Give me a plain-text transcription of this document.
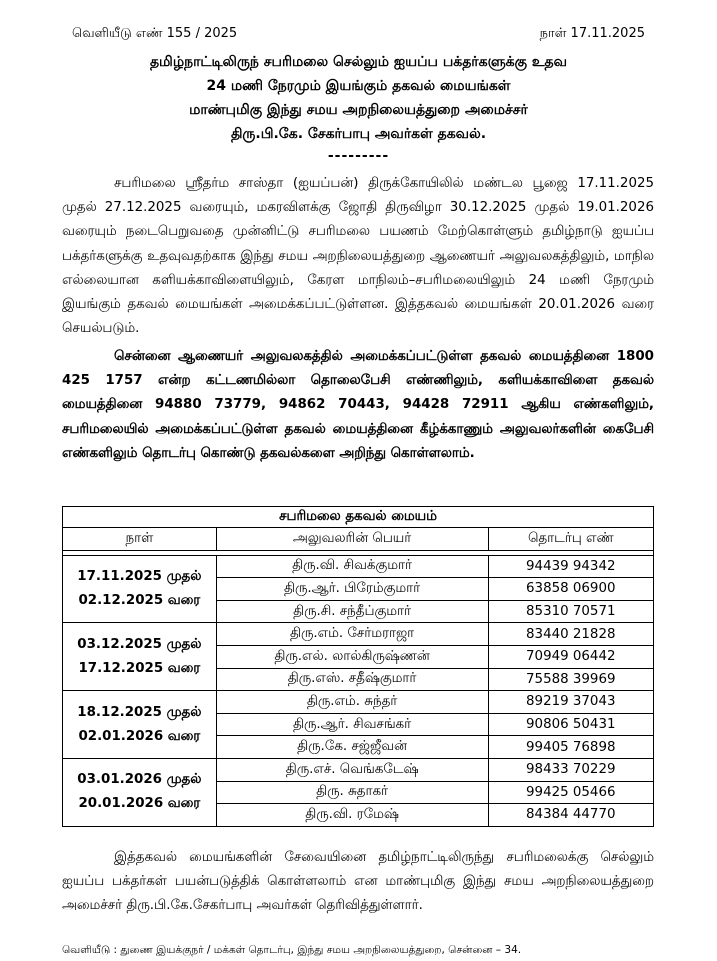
வெளியீடு எண் 155 / 2025	நாள் 17.11.2025
தமிழ்நாட்டிலிருந் சபரிமலை செல்லும் ஐயப்ப பக்தர்களுக்கு உதவ
24 மணி நேரமும் இயங்கும் தகவல் மையங்கள்
மாண்புமிகு இந்து சமய அறநிலையத்துறை அமைச்சர்
திரு.பி.கே. சேகர்பாபு அவர்கள் தகவல்.
---------
சபரிமலை ஸ்ரீதர்ம சாஸ்தா (ஐயப்பன்) திருக்கோயிலில் மண்டல பூஜை 17.11.2025 முதல் 27.12.2025 வரையும், மகரவிளக்கு ஜோதி திருவிழா 30.12.2025 முதல் 19.01.2026 வரையும் நடைபெறுவதை முன்னிட்டு சபரிமலை பயணம் மேற்கொள்ளும் தமிழ்நாடு ஐயப்ப பக்தர்களுக்கு உதவுவதற்காக இந்து சமய அறநிலையத்துறை ஆணையர் அலுவலகத்திலும், மாநில எல்லையான களியக்காவிளையிலும், கேரள மாநிலம்–சபரிமலையிலும் 24 மணி நேரமும் இயங்கும் தகவல் மையங்கள் அமைக்கப்பட்டுள்ளன. இத்தகவல் மையங்கள் 20.01.2026 வரை செயல்படும்.
சென்னை ஆணையர் அலுவலகத்தில் அமைக்கப்பட்டுள்ள தகவல் மையத்தினை 1800 425 1757 என்ற கட்டணமில்லா தொலைபேசி எண்ணிலும், களியக்காவிளை தகவல் மையத்தினை 94880 73779, 94862 70443, 94428 72911 ஆகிய எண்களிலும், சபரிமலையில் அமைக்கப்பட்டுள்ள தகவல் மையத்தினை கீழ்க்காணும் அலுவலர்களின் கைபேசி எண்களிலும் தொடர்பு கொண்டு தகவல்களை அறிந்து கொள்ளலாம்.
சபரிமலை தகவல் மையம்		
நாள்	அலுவலரின் பெயர்	தொடர்பு எண்

17.11.2025 முதல்
02.12.2025 வரை	திரு.வி. சிவக்குமார்	94439 94342
	திரு.ஆர். பிரேம்குமார்	63858 06900
	திரு.சி. சந்தீப்குமார்	85310 70571

03.12.2025 முதல்
17.12.2025 வரை	திரு.எம். சேர்மராஜா	83440 21828
	திரு.எல். லால்கிருஷ்ணன்	70949 06442
	திரு.எஸ். சதீஷ்குமார்	75588 39969

18.12.2025 முதல்
02.01.2026 வரை	திரு.எம். சுந்தர்	89219 37043
	திரு.ஆர். சிவசங்கர்	90806 50431
	திரு.கே. சஜ்ஜீவன்	99405 76898

03.01.2026 முதல்
20.01.2026 வரை	திரு.எச். வெங்கடேஷ்	98433 70229
	திரு. சுதாகர்	99425 05466
	திரு.வி. ரமேஷ்	84384 44770
இத்தகவல் மையங்களின் சேவையினை தமிழ்நாட்டிலிருந்து சபரிமலைக்கு செல்லும் ஐயப்ப பக்தர்கள் பயன்படுத்திக் கொள்ளலாம் என மாண்புமிகு இந்து சமய அறநிலையத்துறை அமைச்சர் திரு.பி.கே.சேகர்பாபு அவர்கள் தெரிவித்துள்ளார்.
வெளியீடு : துணை இயக்குநர் / மக்கள் தொடர்பு, இந்து சமய அறநிலையத்துறை, சென்னை – 34.
